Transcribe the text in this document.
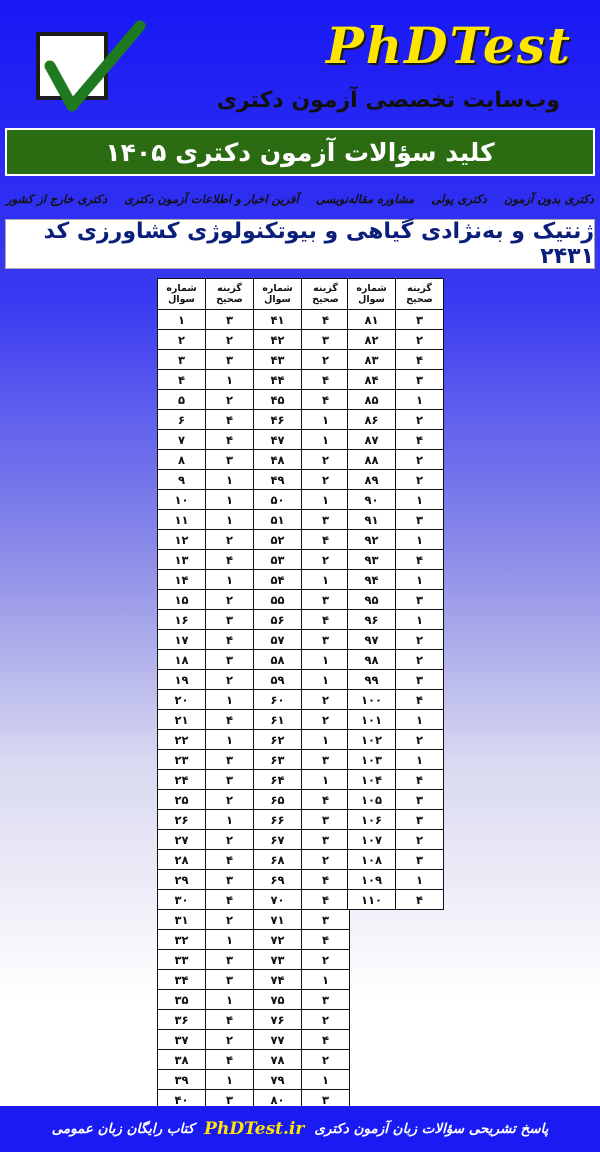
PhDTest
وب‌سایت تخصصی آزمون دکتری
کلید سؤالات آزمون دکتری ۱۴۰۵
دکتری بدون آزمون
دکتری پولی
مشاوره مقاله‌نویسی
آفرین اخبار و اطلاعات آزمون دکتری
دکتری خارج از کشور
ژنتیک و به‌نژادی گیاهی و بیوتکنولوژی کشاورزی کد ۲۴۳۱
شماره سوال	گزینه صحیح	شماره سوال	گزینه صحیح
۱	۳	۴۱	۴
۲	۲	۴۲	۳
۳	۳	۴۳	۲
۴	۱	۴۴	۴
۵	۲	۴۵	۴
۶	۴	۴۶	۱
۷	۴	۴۷	۱
۸	۳	۴۸	۲
۹	۱	۴۹	۲
۱۰	۱	۵۰	۱
۱۱	۱	۵۱	۳
۱۲	۲	۵۲	۴
۱۳	۴	۵۳	۲
۱۴	۱	۵۴	۱
۱۵	۲	۵۵	۳
۱۶	۳	۵۶	۴
۱۷	۴	۵۷	۳
۱۸	۳	۵۸	۱
۱۹	۲	۵۹	۱
۲۰	۱	۶۰	۲
۲۱	۴	۶۱	۲
۲۲	۱	۶۲	۱
۲۳	۳	۶۳	۳
۲۴	۳	۶۴	۱
۲۵	۲	۶۵	۴
۲۶	۱	۶۶	۳
۲۷	۲	۶۷	۳
۲۸	۴	۶۸	۲
۲۹	۳	۶۹	۴
۳۰	۴	۷۰	۴
۳۱	۲	۷۱	۳
۳۲	۱	۷۲	۴
۳۳	۳	۷۳	۲
۳۴	۳	۷۴	۱
۳۵	۱	۷۵	۳
۳۶	۴	۷۶	۲
۳۷	۲	۷۷	۴
۳۸	۴	۷۸	۲
۳۹	۱	۷۹	۱
۴۰	۳	۸۰	۳
شماره سوال	گزینه صحیح
۸۱	۳
۸۲	۲
۸۳	۴
۸۴	۳
۸۵	۱
۸۶	۲
۸۷	۴
۸۸	۲
۸۹	۲
۹۰	۱
۹۱	۳
۹۲	۱
۹۳	۴
۹۴	۱
۹۵	۳
۹۶	۱
۹۷	۲
۹۸	۲
۹۹	۳
۱۰۰	۴
۱۰۱	۱
۱۰۲	۲
۱۰۳	۱
۱۰۴	۴
۱۰۵	۳
۱۰۶	۳
۱۰۷	۲
۱۰۸	۳
۱۰۹	۱
۱۱۰	۴
پاسخ تشریحی سؤالات زبان آزمون دکتری
PhDTest.ir
کتاب رایگان زبان عمومی
